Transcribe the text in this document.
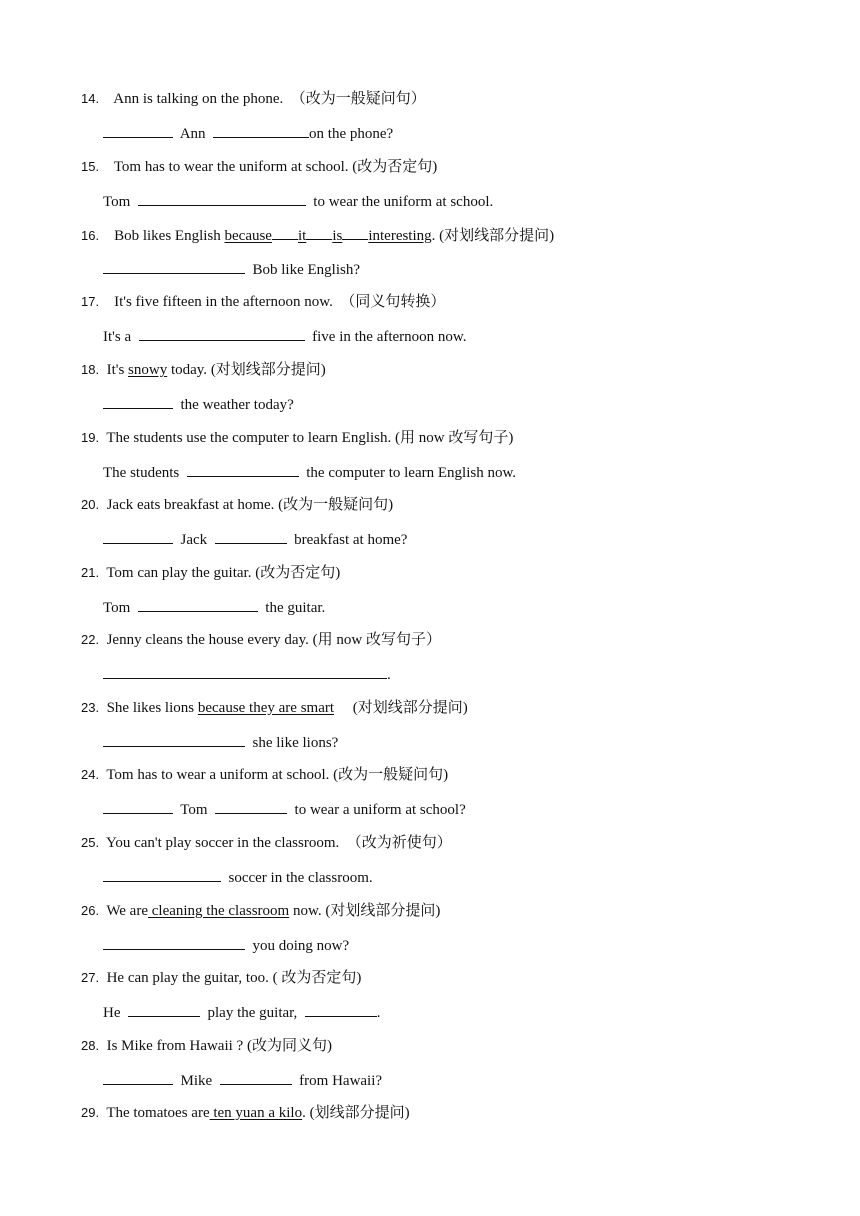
14. Ann is talking on the phone. （改为一般疑问句）
Ann	on the phone?
15. Tom has to wear the uniform at school. (改为否定句)
Tom	to wear the uniform at school.
16. Bob likes English because it is interesting. (对划线部分提问)
Bob like English?
17. It's five fifteen in the afternoon now. （同义句转换）
It's a	five in the afternoon now.
18. It's snowy today. (对划线部分提问)
the weather today?
19. The students use the computer to learn English. (用 now 改写句子)
The students	the computer to learn English now.
20. Jack eats breakfast at home. (改为一般疑问句)
Jack	breakfast at home?
21. Tom can play the guitar. (改为否定句)
Tom	the guitar.
22. Jenny cleans the house every day. (用 now 改写句子）
.
23. She likes lions because they are smart (对划线部分提问)
she like lions?
24. Tom has to wear a uniform at school. (改为一般疑问句)
Tom	to wear a uniform at school?
25. You can't play soccer in the classroom. （改为祈使句）
soccer in the classroom.
26. We are cleaning the classroom now. (对划线部分提问)
you doing now?
27. He can play the guitar, too. ( 改为否定句)
He	play the guitar,	.
28. Is Mike from Hawaii ? (改为同义句)
Mike	from Hawaii?
29. The tomatoes are ten yuan a kilo. (划线部分提问)
